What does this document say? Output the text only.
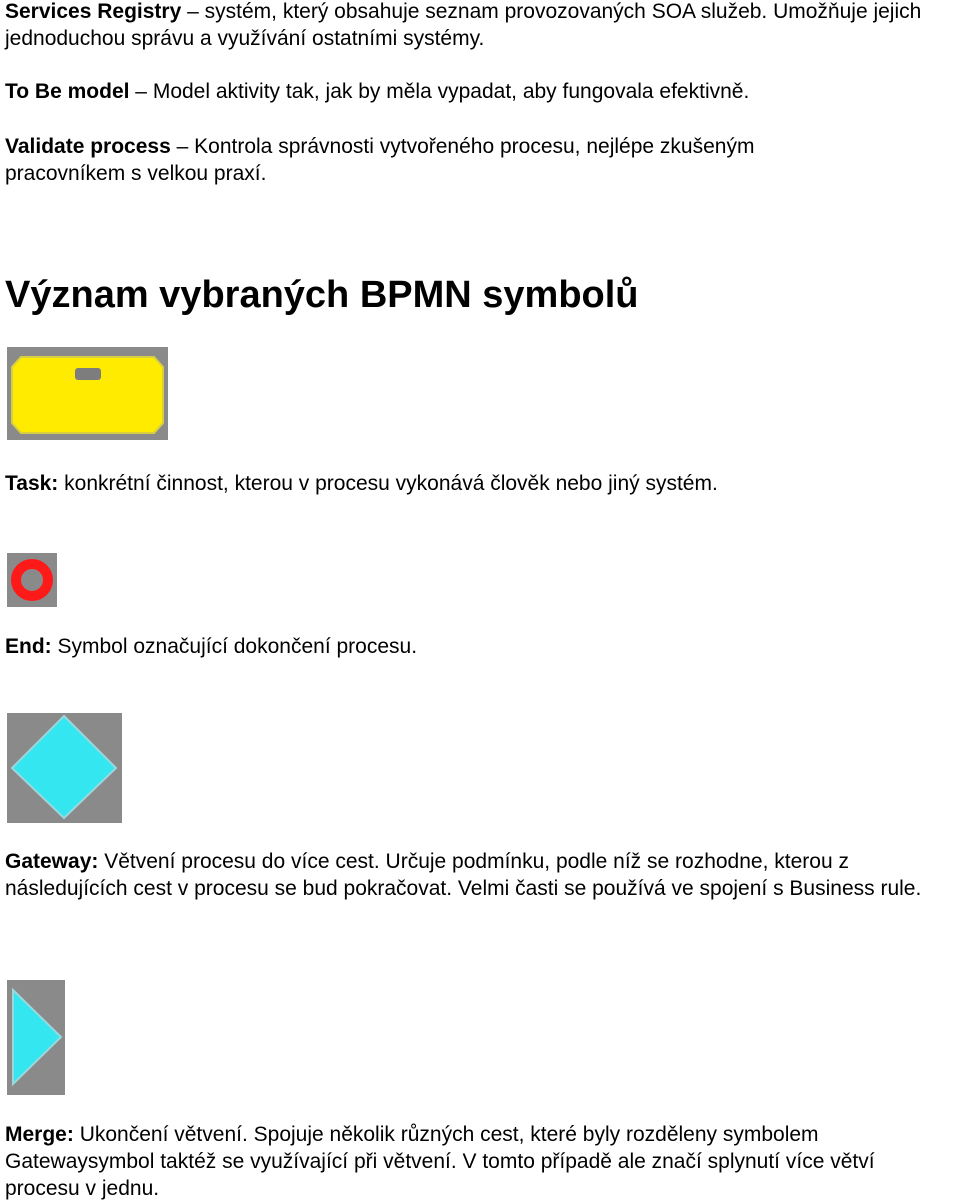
Services Registry – systém, který obsahuje seznam provozovaných SOA služeb. Umožňuje jejich jednoduchou správu a využívání ostatními systémy.

To Be model – Model aktivity tak, jak by měla vypadat, aby fungovala efektivně.

Validate process – Kontrola správnosti vytvořeného procesu, nejlépe zkušeným pracovníkem s velkou praxí.

Význam vybraných BPMN symbolů

Task: konkrétní činnost, kterou v procesu vykonává člověk nebo jiný systém.

End: Symbol označující dokončení procesu.

Gateway: Větvení procesu do více cest. Určuje podmínku, podle níž se rozhodne, kterou z následujících cest v procesu se bud pokračovat. Velmi časti se používá ve spojení s Business rule.

Merge: Ukončení větvení. Spojuje několik různých cest, které byly rozděleny symbolem Gatewaysymbol taktéž se využívající při větvení. V tomto případě ale značí splynutí více větví procesu v jednu.
